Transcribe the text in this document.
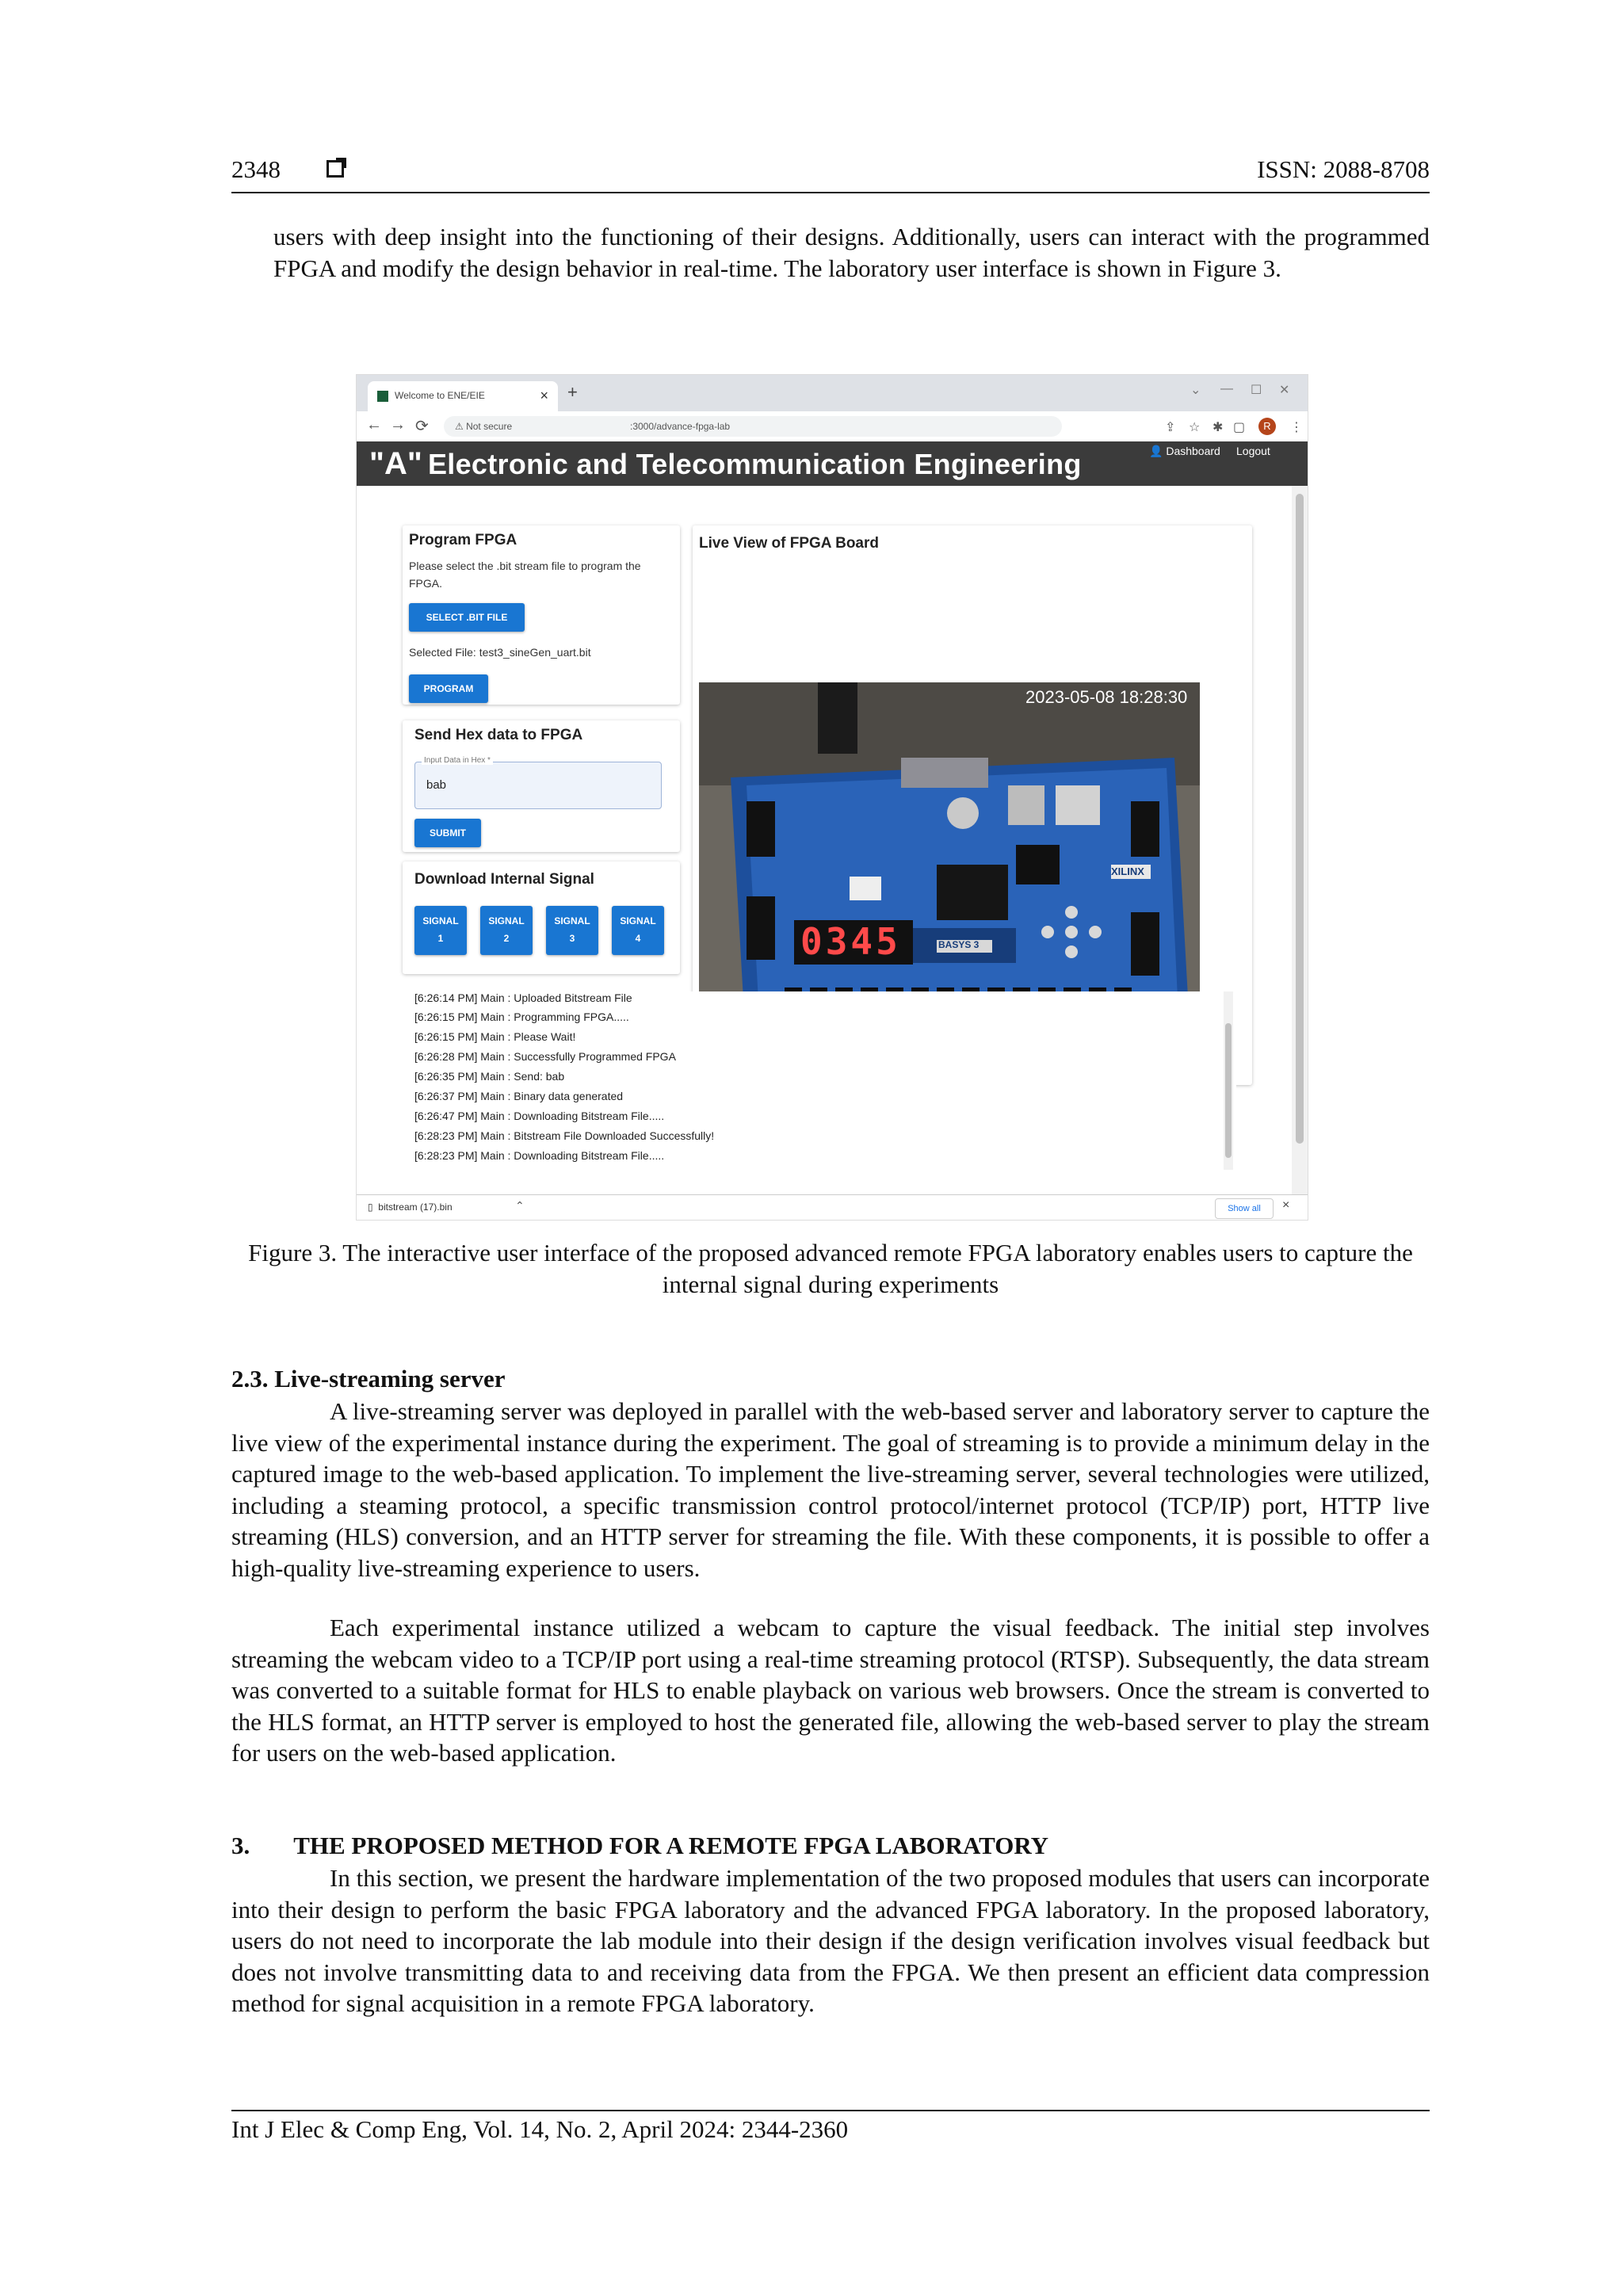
2348	ISSN: 2088-8708

users with deep insight into the functioning of their designs. Additionally, users can interact with the programmed FPGA and modify the design behavior in real-time. The laboratory user interface is shown in Figure 3.

Welcome to ENE/EIE	× +	⌄ — ☐ ✕
← → ⟳	⚠ Not secure	:3000/advance-fpga-lab	⇪ ☆ ✱ ▢	R	⋮
"A" Electronic and Telecommunication Engineering	👤 Dashboard Logout
Program FPGA
Please select the .bit stream file to program the FPGA.
SELECT .BIT FILE
Selected File: test3_sineGen_uart.bit
PROGRAM
Send Hex data to FPGA
Input Data in Hex *
bab
SUBMIT
Download Internal Signal
SIGNAL
1
SIGNAL
2
SIGNAL
3
SIGNAL
4
Live View of FPGA Board
0345	BASYS 3
XILINX
2023-05-08 18:28:30
[6:26:14 PM] Main : Uploaded Bitstream File
[6:26:15 PM] Main : Programming FPGA.....
[6:26:15 PM] Main : Please Wait!
[6:26:28 PM] Main : Successfully Programmed FPGA
[6:26:35 PM] Main : Send: bab
[6:26:37 PM] Main : Binary data generated
[6:26:47 PM] Main : Downloading Bitstream File.....
[6:28:23 PM] Main : Bitstream File Downloaded Successfully!
[6:28:23 PM] Main : Downloading Bitstream File.....
▯  bitstream (17).bin	⌃	Show all	×
Figure 3. The interactive user interface of the proposed advanced remote FPGA laboratory enables users to capture the internal signal during experiments
2.3. Live-streaming server

A live-streaming server was deployed in parallel with the web-based server and laboratory server to capture the live view of the experimental instance during the experiment. The goal of streaming is to provide a minimum delay in the captured image to the web-based application. To implement the live-streaming server, several technologies were utilized, including a steaming protocol, a specific transmission control protocol/internet protocol (TCP/IP) port, HTTP live streaming (HLS) conversion, and an HTTP server for streaming the file. With these components, it is possible to offer a high-quality live-streaming experience to users.

Each experimental instance utilized a webcam to capture the visual feedback. The initial step involves streaming the webcam video to a TCP/IP port using a real-time streaming protocol (RTSP). Subsequently, the data stream was converted to a suitable format for HLS to enable playback on various web browsers. Once the stream is converted to the HLS format, an HTTP server is employed to host the generated file, allowing the web-based server to play the stream for users on the web-based application.

3. THE PROPOSED METHOD FOR A REMOTE FPGA LABORATORY

In this section, we present the hardware implementation of the two proposed modules that users can incorporate into their design to perform the basic FPGA laboratory and the advanced FPGA laboratory. In the proposed laboratory, users do not need to incorporate the lab module into their design if the design verification involves visual feedback but does not involve transmitting data to and receiving data from the FPGA. We then present an efficient data compression method for signal acquisition in a remote FPGA laboratory.

Int J Elec & Comp Eng, Vol. 14, No. 2, April 2024: 2344-2360
